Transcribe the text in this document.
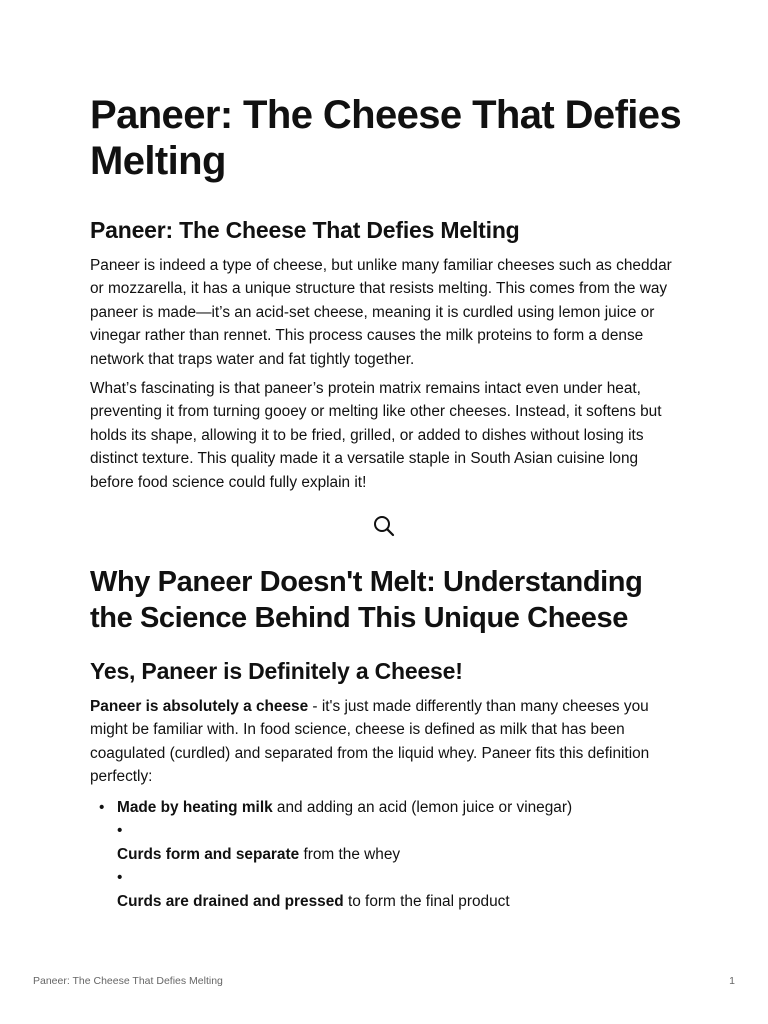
Paneer: The Cheese That Defies Melting
Paneer: The Cheese That Defies Melting

Paneer is indeed a type of cheese, but unlike many familiar cheeses such as cheddar or mozzarella, it has a unique structure that resists melting. This comes from the way paneer is made—it’s an acid-set cheese, meaning it is curdled using lemon juice or vinegar rather than rennet. This process causes the milk proteins to form a dense network that traps water and fat tightly together.

What’s fascinating is that paneer’s protein matrix remains intact even under heat, preventing it from turning gooey or melting like other cheeses. Instead, it softens but holds its shape, allowing it to be fried, grilled, or added to dishes without losing its distinct texture. This quality made it a versatile staple in South Asian cuisine long before food science could fully explain it!

Why Paneer Doesn't Melt: Understanding the Science Behind This Unique Cheese
Yes, Paneer is Definitely a Cheese!

Paneer is absolutely a cheese - it's just made differently than many cheeses you might be familiar with. In food science, cheese is defined as milk that has been coagulated (curdled) and separated from the liquid whey. Paneer fits this definition perfectly:

• Made by heating milk and adding an acid (lemon juice or vinegar)
•
Curds form and separate from the whey
•
Curds are drained and pressed to form the final product
Paneer: The Cheese That Defies Melting	1
